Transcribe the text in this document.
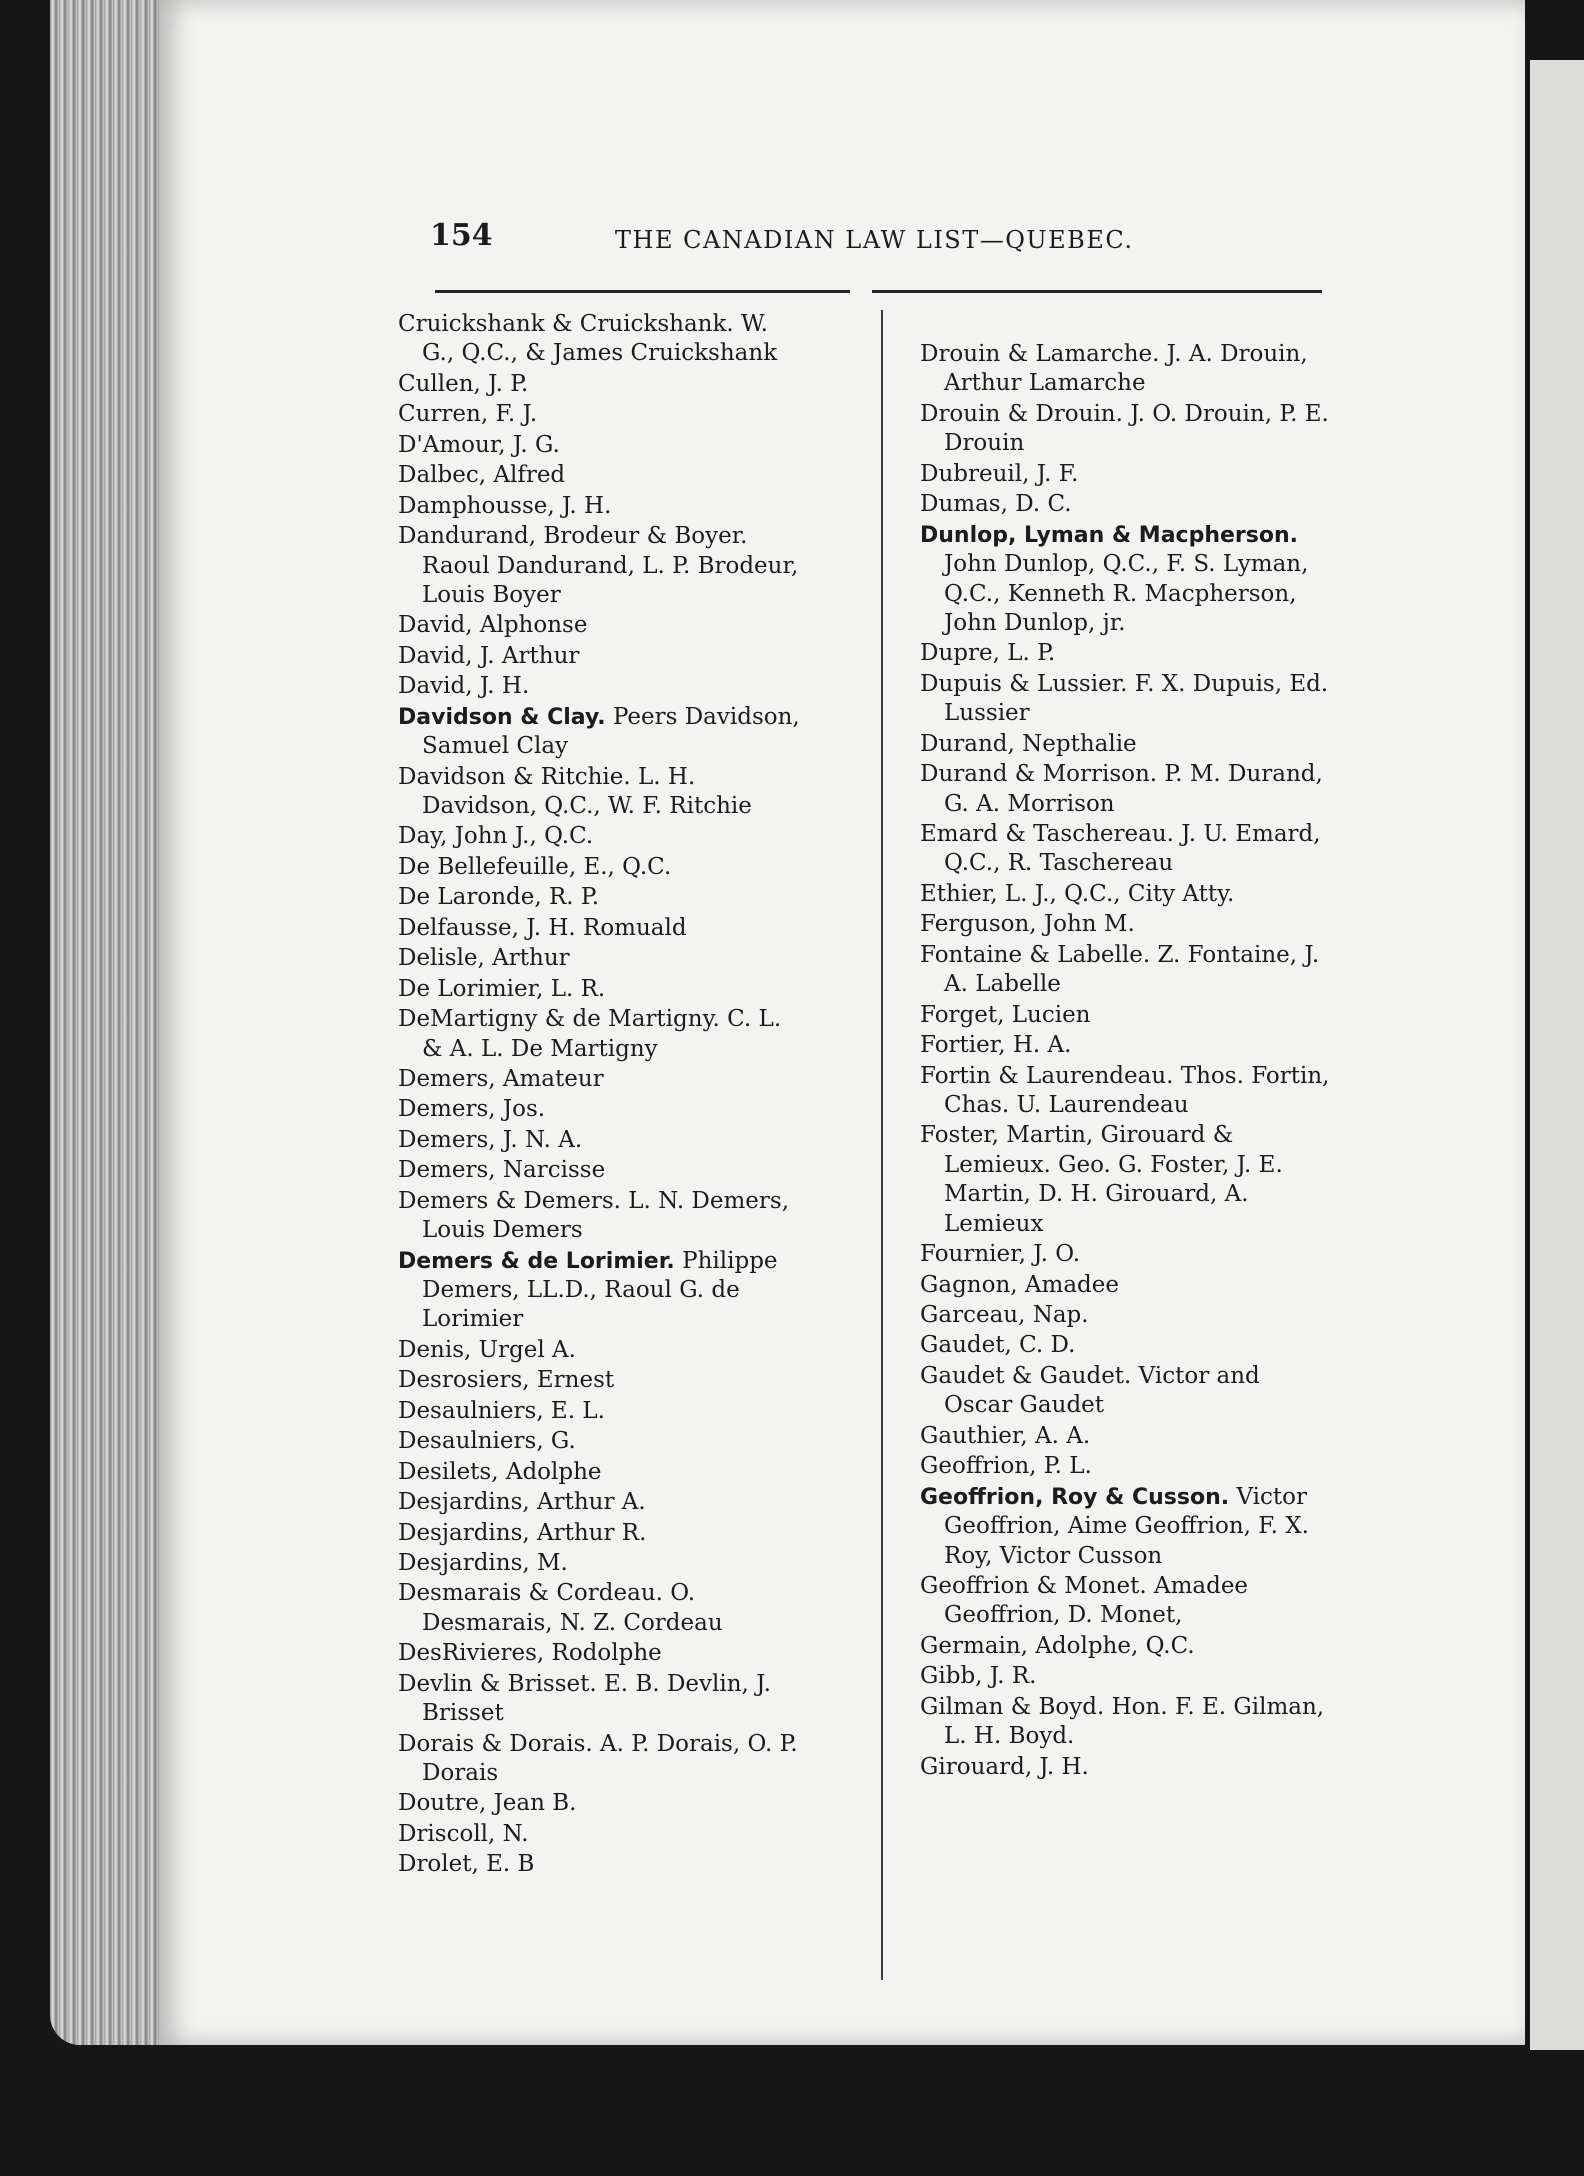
154	THE CANADIAN LAW LIST—QUEBEC.
Cruickshank & Cruickshank. W. G., Q.C., & James Cruickshank
Cullen, J. P.
Curren, F. J.
D'Amour, J. G.
Dalbec, Alfred
Damphousse, J. H.
Dandurand, Brodeur & Boyer. Raoul Dandurand, L. P. Brodeur, Louis Boyer
David, Alphonse
David, J. Arthur
David, J. H.
Davidson & Clay. Peers Davidson, Samuel Clay
Davidson & Ritchie. L. H. Davidson, Q.C., W. F. Ritchie
Day, John J., Q.C.
De Bellefeuille, E., Q.C.
De Laronde, R. P.
Delfausse, J. H. Romuald
Delisle, Arthur
De Lorimier, L. R.
DeMartigny & de Martigny. C. L. & A. L. De Martigny
Demers, Amateur
Demers, Jos.
Demers, J. N. A.
Demers, Narcisse
Demers & Demers. L. N. Demers, Louis Demers
Demers & de Lorimier. Philippe Demers, LL.D., Raoul G. de Lorimier
Denis, Urgel A.
Desrosiers, Ernest
Desaulniers, E. L.
Desaulniers, G.
Desilets, Adolphe
Desjardins, Arthur A.
Desjardins, Arthur R.
Desjardins, M.
Desmarais & Cordeau. O. Desmarais, N. Z. Cordeau
DesRivieres, Rodolphe
Devlin & Brisset. E. B. Devlin, J. Brisset
Dorais & Dorais. A. P. Dorais, O. P. Dorais
Doutre, Jean B.
Driscoll, N.
Drolet, E. B
Drouin & Lamarche. J. A. Drouin, Arthur Lamarche
Drouin & Drouin. J. O. Drouin, P. E. Drouin
Dubreuil, J. F.
Dumas, D. C.
Dunlop, Lyman & Macpherson. John Dunlop, Q.C., F. S. Lyman, Q.C., Kenneth R. Macpherson, John Dunlop, jr.
Dupre, L. P.
Dupuis & Lussier. F. X. Dupuis, Ed. Lussier
Durand, Nepthalie
Durand & Morrison. P. M. Durand, G. A. Morrison
Emard & Taschereau. J. U. Emard, Q.C., R. Taschereau
Ethier, L. J., Q.C., City Atty.
Ferguson, John M.
Fontaine & Labelle. Z. Fontaine, J. A. Labelle
Forget, Lucien
Fortier, H. A.
Fortin & Laurendeau. Thos. Fortin, Chas. U. Laurendeau
Foster, Martin, Girouard & Lemieux. Geo. G. Foster, J. E. Martin, D. H. Girouard, A. Lemieux
Fournier, J. O.
Gagnon, Amadee
Garceau, Nap.
Gaudet, C. D.
Gaudet & Gaudet. Victor and Oscar Gaudet
Gauthier, A. A.
Geoffrion, P. L.
Geoffrion, Roy & Cusson. Victor Geoffrion, Aime Geoffrion, F. X. Roy, Victor Cusson
Geoffrion & Monet. Amadee Geoffrion, D. Monet,
Germain, Adolphe, Q.C.
Gibb, J. R.
Gilman & Boyd. Hon. F. E. Gilman, L. H. Boyd.
Girouard, J. H.
